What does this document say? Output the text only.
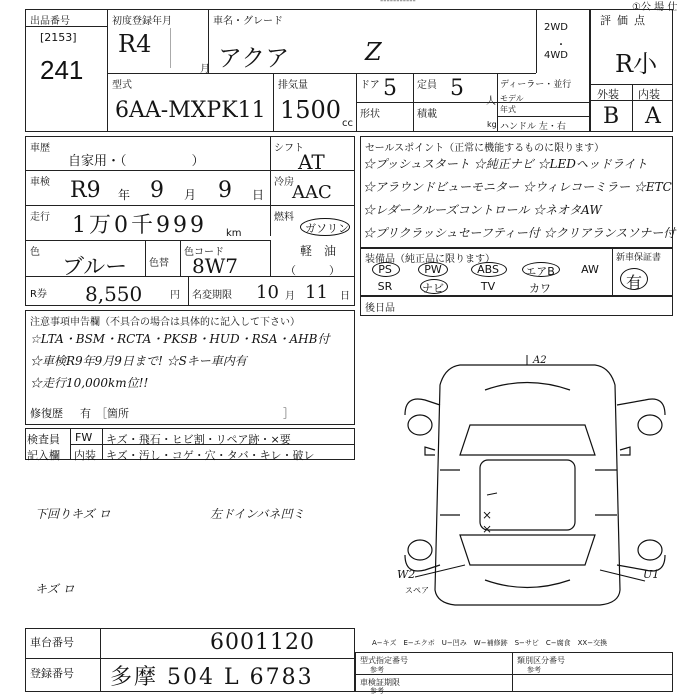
-----------
①公 場 仕
出品番号
[2153]
241
初度登録年月
R4
月
車名・グレード
アクア	Z
2WD
・
4WD
評価点
R小
外装 内装
B A
型式
6AA-MXPK11
排気量
1500 cc
ドア 5 定員 5
人
ディーラー・並行
形状	積載
kg
モデル
年式
ハンドル 左・右
車歴
自家用・（　　　　　）
シフト
AT
車検 R9 年 9 月 9 日
冷房
AAC
走行 1万0千999 km
燃料
ガソリン
軽　油
（　　　）
色
ブルー 色替
色コード
8W7
R券 8,550	円 名変期限 10 月 11 日
セールスポイント（正常に機能するものに限ります）
☆プッシュスタート ☆純正ナビ ☆LEDヘッドライト
☆アラウンドビューモニター ☆ウィレコーミラー ☆ETC
☆レダークルーズコントロール ☆ネオタAW
☆プリクラッシュセーフティー付 ☆クリアランスソナー付
装備品（純正品に限ります）	新車保証書
PS	PW	ABS	エアB	AW
SR	ナビ	TV	カワ	有
後日品
注意事項申告欄（不具合の場合は具体的に記入して下さい）
☆LTA・BSM・RCTA・PKSB・HUD・RSA・AHB付
☆車検R9年9月9日まで! ☆Sキー車内有
☆走行10,000km位!!
修復歴 有 ［箇所　　　　　　　　　　　　　　］
検査員
記入欄
FW キズ・飛石・ヒビ割・リペア跡・×要
内装 キズ・汚し・コゲ・穴・タバ・キレ・破レ
下回りキズ ロ	左ドインバネ凹ミ
キズ ロ
A2
×
×
W2	U1
スペア
車台番号	6001120
登録番号 多摩 504 L 6783
A−キズ　E−エクボ　U−凹み　W−補修跡　S−サビ　C−腐食　XX−交換
型式指定番号
参考
類別区分番号
参考
車検証期限
参考
